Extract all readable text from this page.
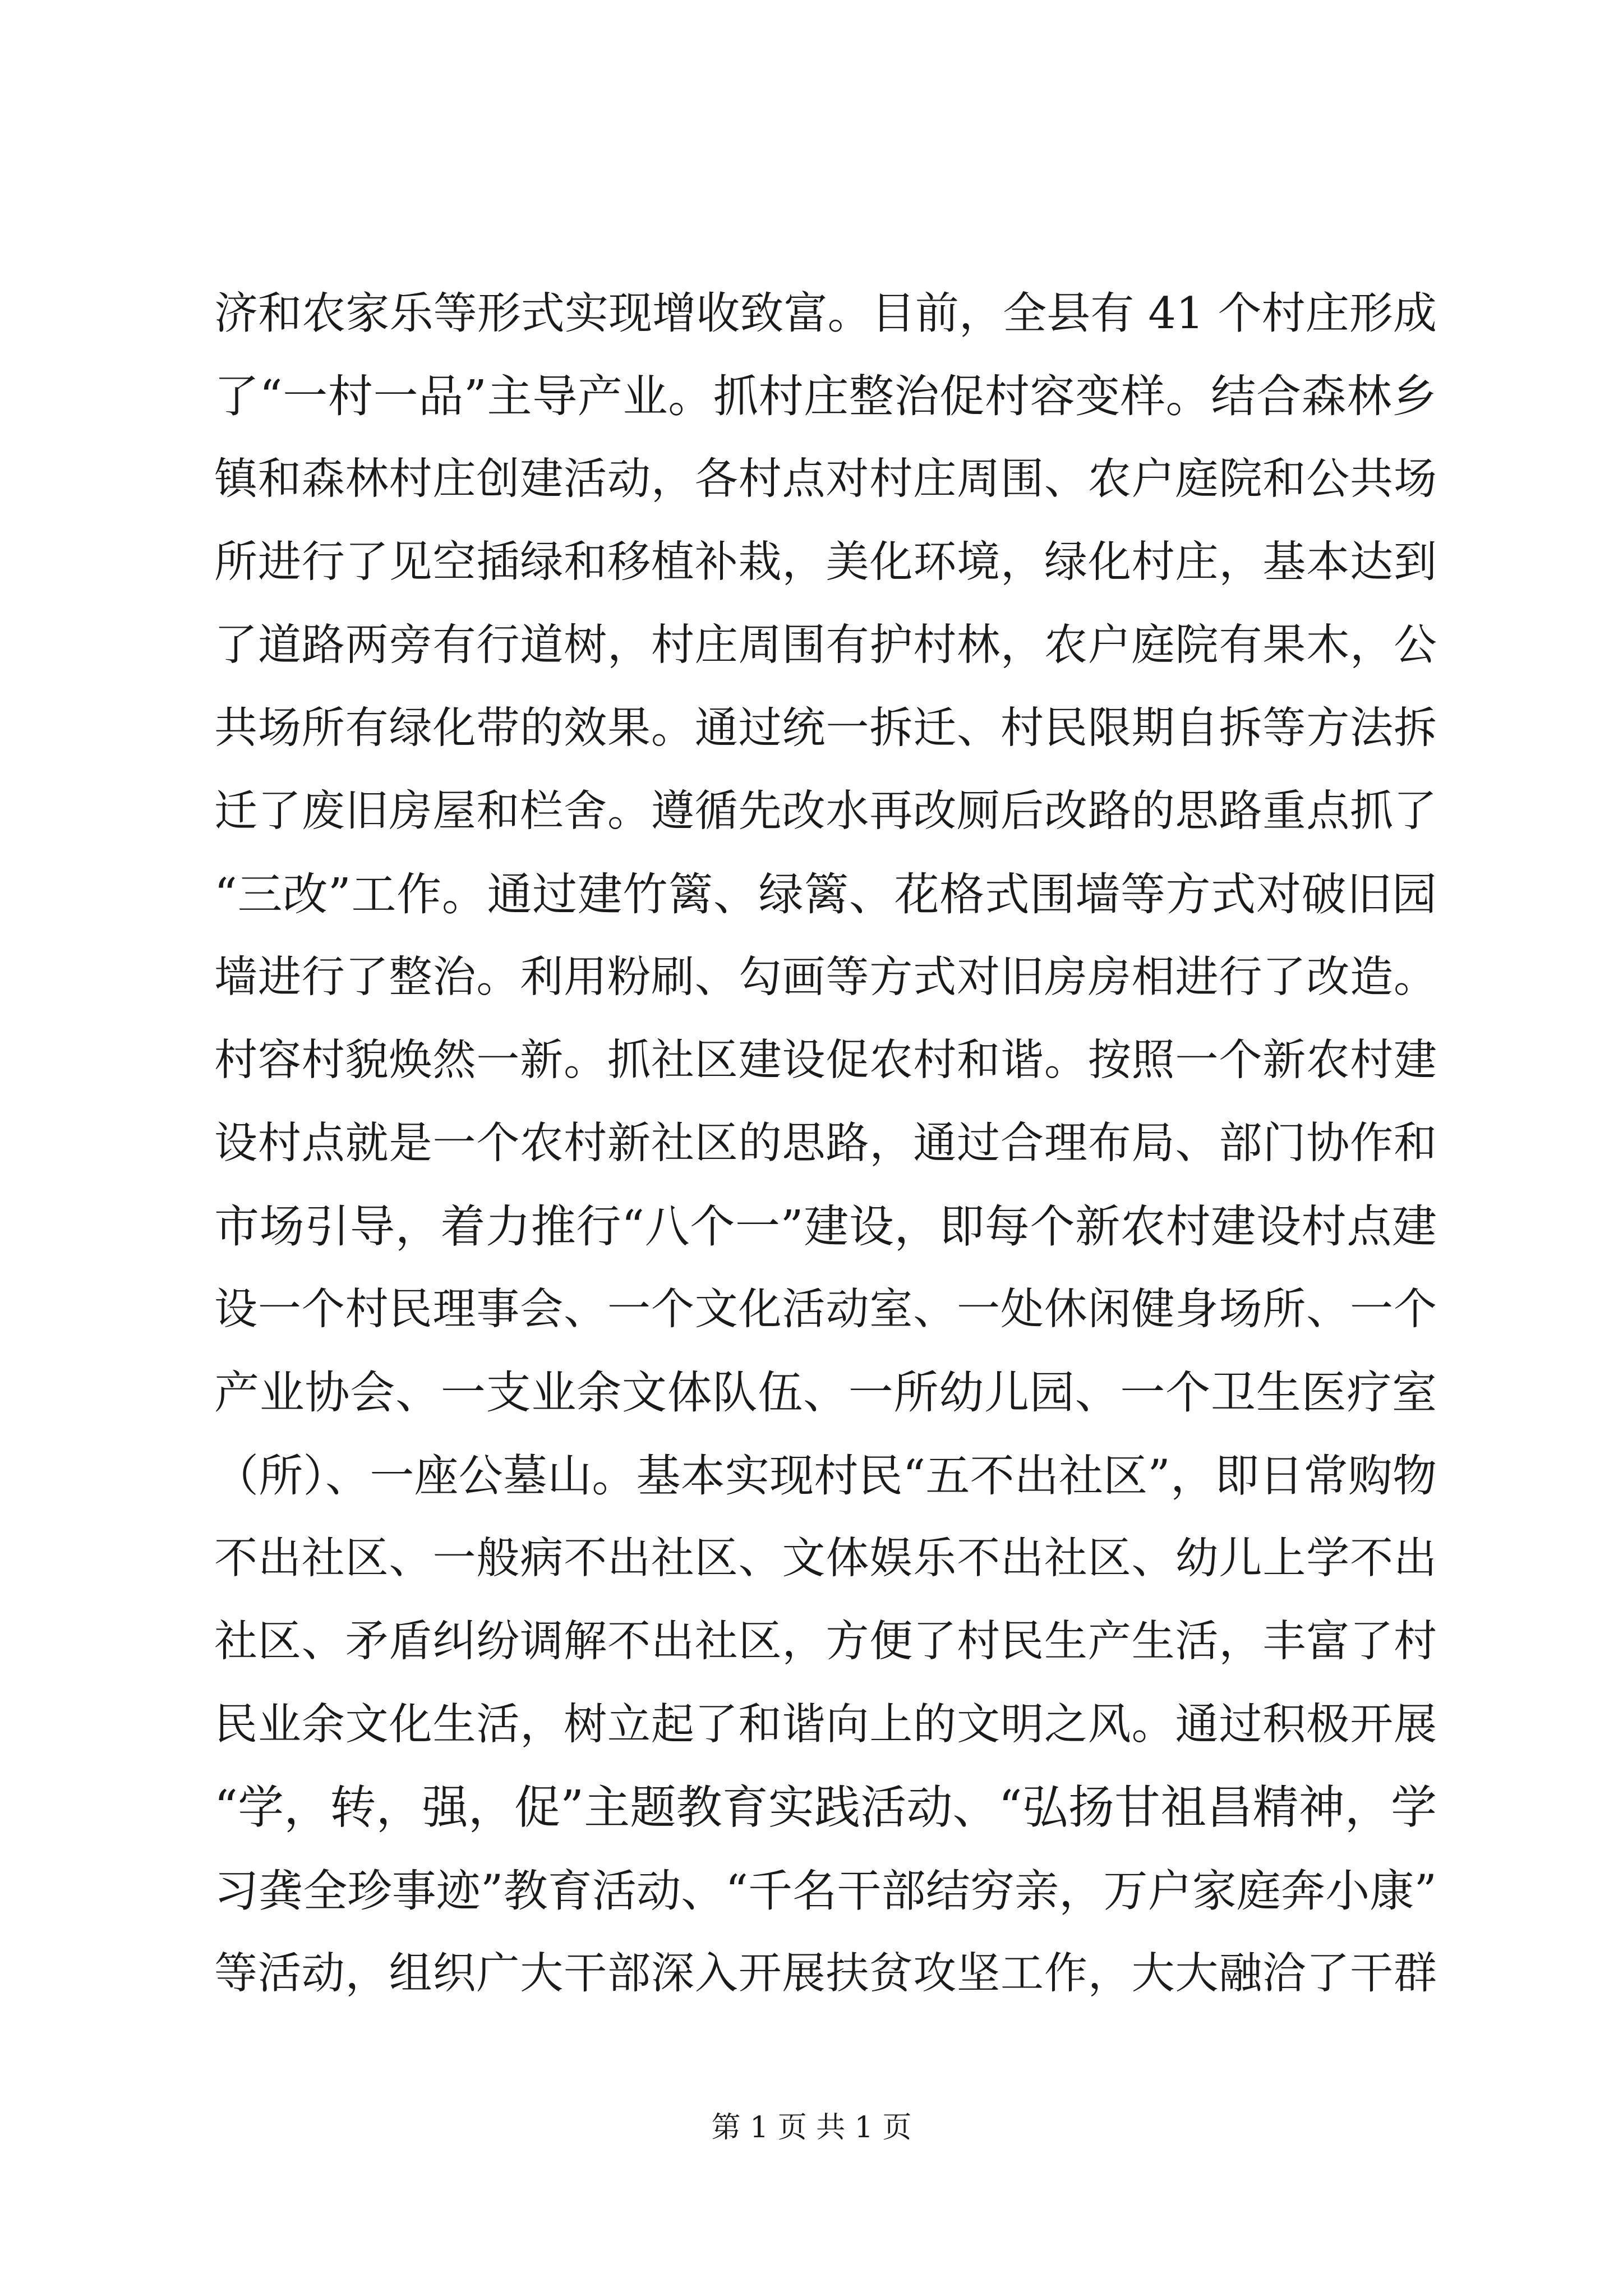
济和农家乐等形式实现增收致富。目前，全县有 41 个村庄形成
了“一村一品”主导产业。抓村庄整治促村容变样。结合森林乡
镇和森林村庄创建活动，各村点对村庄周围、农户庭院和公共场
所进行了见空插绿和移植补栽，美化环境，绿化村庄，基本达到
了道路两旁有行道树，村庄周围有护村林，农户庭院有果木，公
共场所有绿化带的效果。通过统一拆迁、村民限期自拆等方法拆
迁了废旧房屋和栏舍。遵循先改水再改厕后改路的思路重点抓了
“三改”工作。通过建竹篱、绿篱、花格式围墙等方式对破旧园
墙进行了整治。利用粉刷、勾画等方式对旧房房相进行了改造。
村容村貌焕然一新。抓社区建设促农村和谐。按照一个新农村建
设村点就是一个农村新社区的思路，通过合理布局、部门协作和
市场引导，着力推行“八个一”建设，即每个新农村建设村点建
设一个村民理事会、一个文化活动室、一处休闲健身场所、一个
产业协会、一支业余文体队伍、一所幼儿园、一个卫生医疗室
（所）、一座公墓山。基本实现村民“五不出社区”，即日常购物
不出社区、一般病不出社区、文体娱乐不出社区、幼儿上学不出
社区、矛盾纠纷调解不出社区，方便了村民生产生活，丰富了村
民业余文化生活，树立起了和谐向上的文明之风。通过积极开展
“学，转，强，促”主题教育实践活动、“弘扬甘祖昌精神，学
习龚全珍事迹”教育活动、“千名干部结穷亲，万户家庭奔小康”
等活动，组织广大干部深入开展扶贫攻坚工作，大大融洽了干群
第 1 页 共 1 页
